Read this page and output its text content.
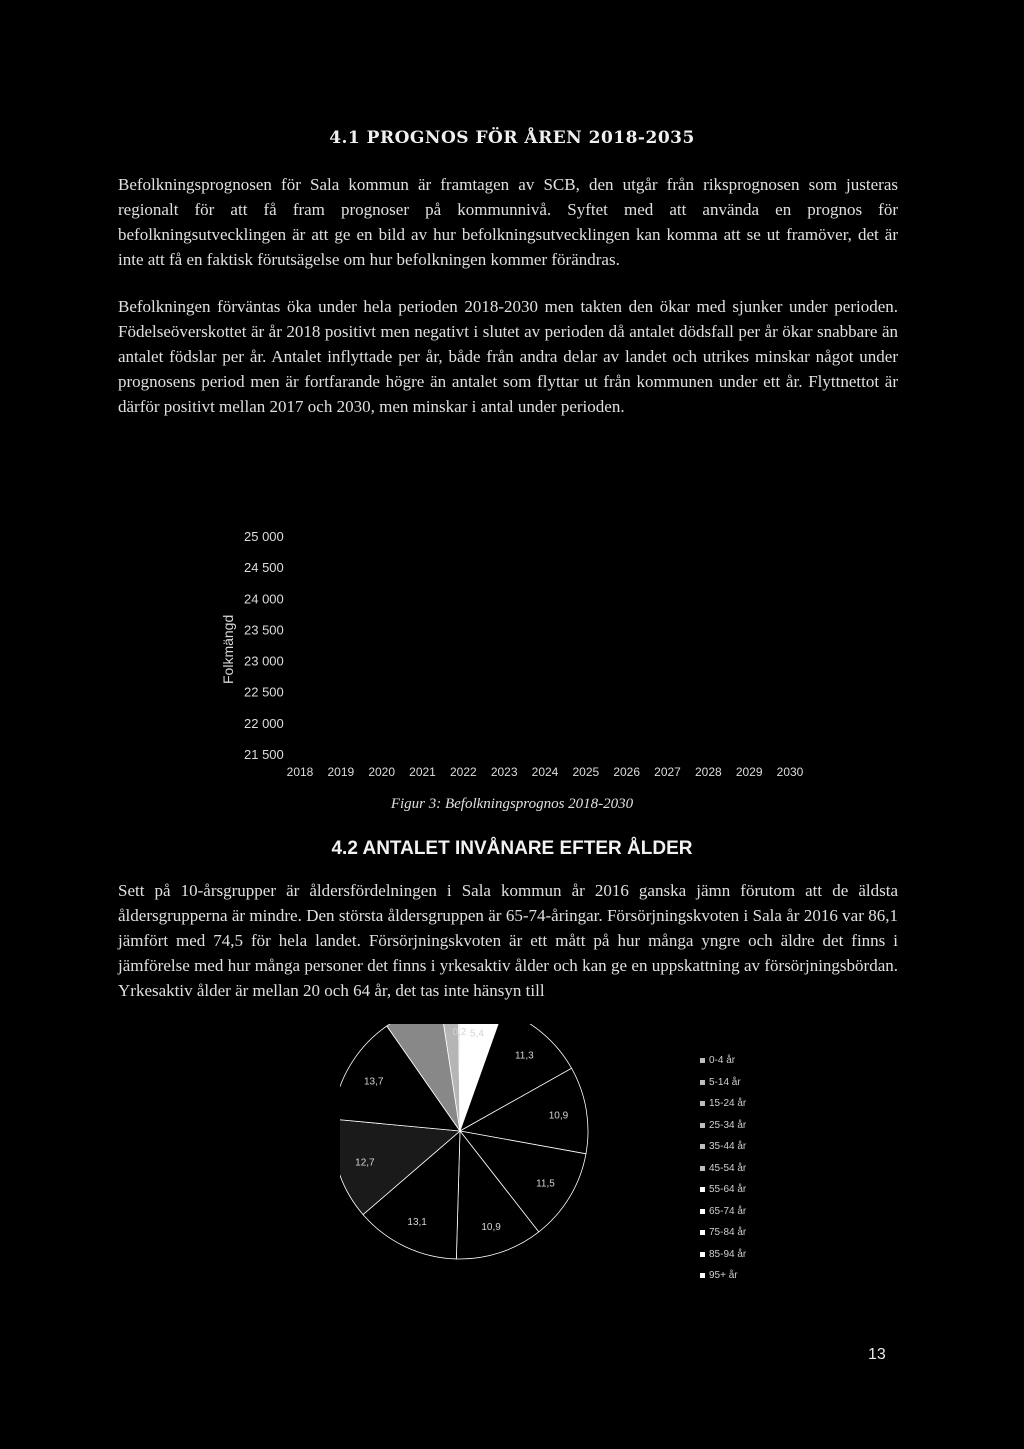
4.1 PROGNOS FÖR ÅREN 2018-2035
Befolkningsprognosen för Sala kommun är framtagen av SCB, den utgår från riksprognosen som justeras regionalt för att få fram prognoser på kommunnivå. Syftet med att använda en prognos för befolkningsutvecklingen är att ge en bild av hur befolkningsutvecklingen kan komma att se ut framöver, det är inte att få en faktisk förutsägelse om hur befolkningen kommer förändras.
Befolkningen förväntas öka under hela perioden 2018-2030 men takten den ökar med sjunker under perioden. Födelseöverskottet är år 2018 positivt men negativt i slutet av perioden då antalet dödsfall per år ökar snabbare än antalet födslar per år. Antalet inflyttade per år, både från andra delar av landet och utrikes minskar något under prognosens period men är fortfarande högre än antalet som flyttar ut från kommunen under ett år. Flyttnettot är därför positivt mellan 2017 och 2030, men minskar i antal under perioden.
Folkmängd
25 000
24 500
24 000
23 500
23 000
22 500
22 000
21 500
2018 2019 2020 2021 2022 2023 2024 2025 2026 2027 2028 2029 2030
Figur 3: Befolkningsprognos 2018-2030
4.2 ANTALET INVÅNARE EFTER ÅLDER
Sett på 10-årsgrupper är åldersfördelningen i Sala kommun år 2016 ganska jämn förutom att de äldsta åldersgrupperna är mindre. Den största åldersgruppen är 65-74-åringar. Försörjningskvoten i Sala år 2016 var 86,1 jämfört med 74,5 för hela landet. Försörjningskvoten är ett mått på hur många yngre och äldre det finns i jämförelse med hur många personer det finns i yrkesaktiv ålder och kan ge en uppskattning av försörjningsbördan. Yrkesaktiv ålder är mellan 20 och 64 år, det tas inte hänsyn till
5,4
11,3
10,9
11,5
10,9
13,1
12,7
13,7
0,2
0-4 år
5-14 år
15-24 år
25-34 år
35-44 år
45-54 år
55-64 år
65-74 år
75-84 år
85-94 år
95+ år
13
